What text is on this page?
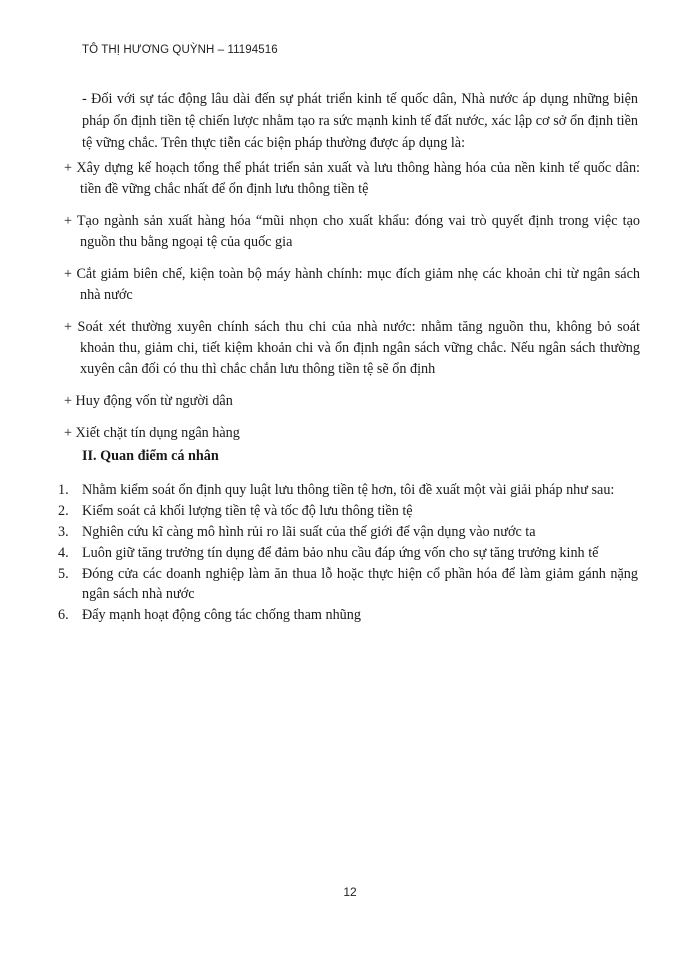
TÔ THỊ HƯƠNG QUỲNH – 11194516

- Đối với sự tác động lâu dài đến sự phát triển kinh tế quốc dân, Nhà nước áp dụng những biện pháp ổn định tiền tệ chiến lược nhằm tạo ra sức mạnh kinh tế đất nước, xác lập cơ sở ổn định tiền tệ vững chắc. Trên thực tiễn các biện pháp thường được áp dụng là:

+ Xây dựng kế hoạch tổng thể phát triển sản xuất và lưu thông hàng hóa của nền kinh tế quốc dân: tiền đề vững chắc nhất để ổn định lưu thông tiền tệ
+ Tạo ngành sản xuất hàng hóa “mũi nhọn cho xuất khẩu: đóng vai trò quyết định trong việc tạo nguồn thu bằng ngoại tệ của quốc gia
+ Cắt giảm biên chế, kiện toàn bộ máy hành chính: mục đích giảm nhẹ các khoản chi từ ngân sách nhà nước
+ Soát xét thường xuyên chính sách thu chi của nhà nước: nhằm tăng nguồn thu, không bỏ soát khoản thu, giảm chi, tiết kiệm khoản chi và ổn định ngân sách vững chắc. Nếu ngân sách thường xuyên cân đối có thu thì chắc chắn lưu thông tiền tệ sẽ ổn định
+ Huy động vốn từ người dân
+ Xiết chặt tín dụng ngân hàng
II. Quan điểm cá nhân
1. Nhằm kiểm soát ổn định quy luật lưu thông tiền tệ hơn, tôi đề xuất một vài giải pháp như sau:
2. Kiểm soát cả khối lượng tiền tệ và tốc độ lưu thông tiền tệ
3. Nghiên cứu kĩ càng mô hình rủi ro lãi suất của thế giới để vận dụng vào nước ta
4. Luôn giữ tăng trưởng tín dụng để đảm bảo nhu cầu đáp ứng vốn cho sự tăng trưởng kinh tế
5. Đóng cửa các doanh nghiệp làm ăn thua lỗ hoặc thực hiện cổ phần hóa để làm giảm gánh nặng ngân sách nhà nước
6. Đẩy mạnh hoạt động công tác chống tham nhũng
12
